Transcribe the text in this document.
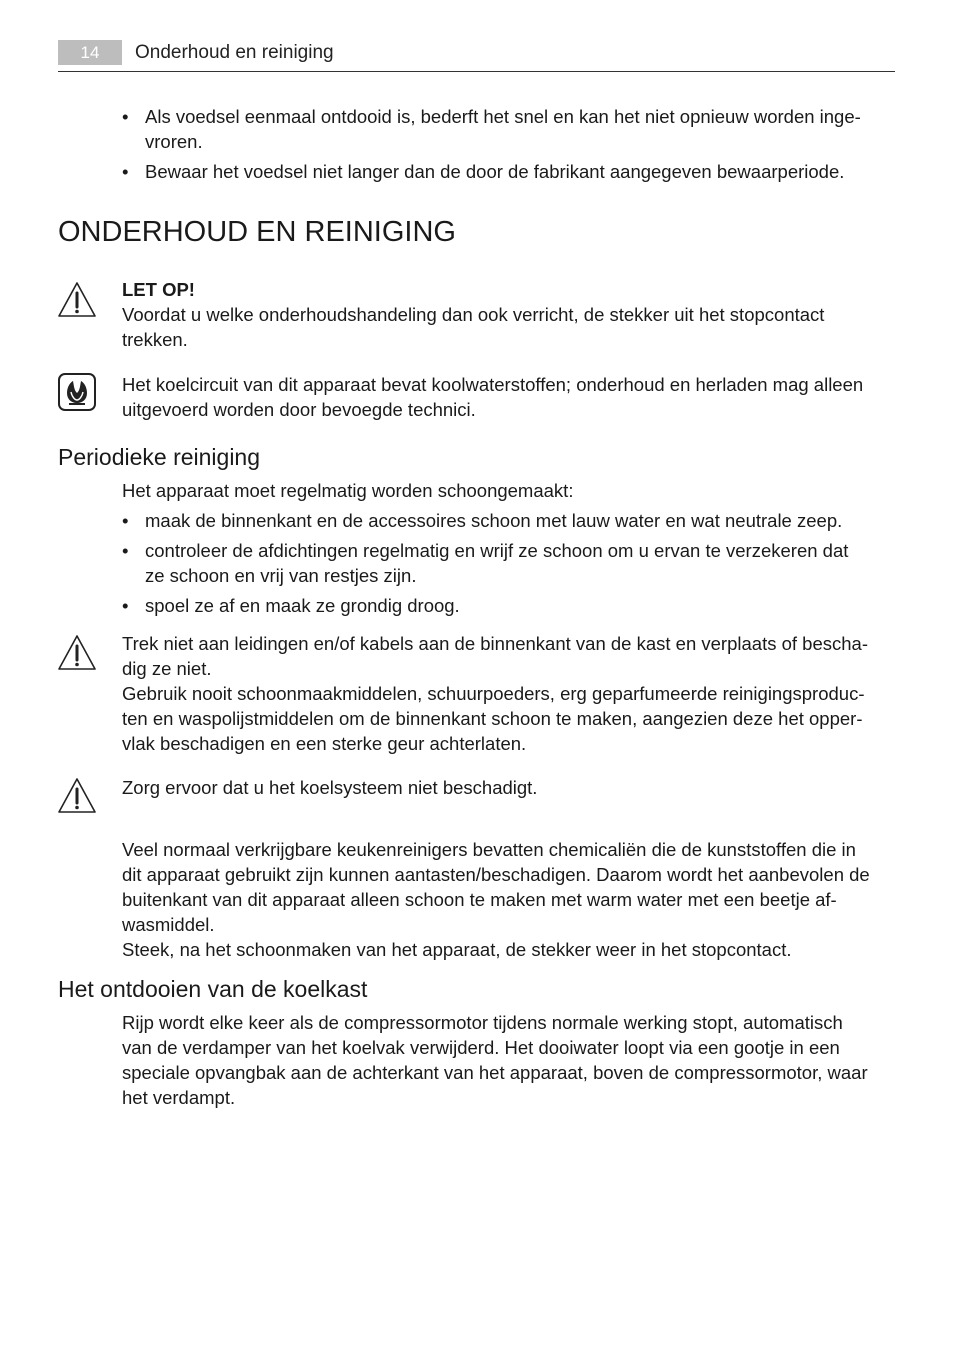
14	Onderhoud en reiniging
• Als voedsel eenmaal ontdooid is, bederft het snel en kan het niet opnieuw worden inge-
vroren.
• Bewaar het voedsel niet langer dan de door de fabrikant aangegeven bewaarperiode.
ONDERHOUD EN REINIGING
LET OP!
Voordat u welke onderhoudshandeling dan ook verricht, de stekker uit het stopcontact
trekken.
Het koelcircuit van dit apparaat bevat koolwaterstoffen; onderhoud en herladen mag alleen
uitgevoerd worden door bevoegde technici.
Periodieke reiniging
Het apparaat moet regelmatig worden schoongemaakt:
• maak de binnenkant en de accessoires schoon met lauw water en wat neutrale zeep.
• controleer de afdichtingen regelmatig en wrijf ze schoon om u ervan te verzekeren dat
ze schoon en vrij van restjes zijn.
• spoel ze af en maak ze grondig droog.
Trek niet aan leidingen en/of kabels aan de binnenkant van de kast en verplaats of bescha-
dig ze niet.
Gebruik nooit schoonmaakmiddelen, schuurpoeders, erg geparfumeerde reinigingsproduc-
ten en waspolijstmiddelen om de binnenkant schoon te maken, aangezien deze het opper-
vlak beschadigen en een sterke geur achterlaten.
Zorg ervoor dat u het koelsysteem niet beschadigt.
Veel normaal verkrijgbare keukenreinigers bevatten chemicaliën die de kunststoffen die in
dit apparaat gebruikt zijn kunnen aantasten/beschadigen. Daarom wordt het aanbevolen de
buitenkant van dit apparaat alleen schoon te maken met warm water met een beetje af-
wasmiddel.
Steek, na het schoonmaken van het apparaat, de stekker weer in het stopcontact.
Het ontdooien van de koelkast
Rijp wordt elke keer als de compressormotor tijdens normale werking stopt, automatisch
van de verdamper van het koelvak verwijderd. Het dooiwater loopt via een gootje in een
speciale opvangbak aan de achterkant van het apparaat, boven de compressormotor, waar
het verdampt.
